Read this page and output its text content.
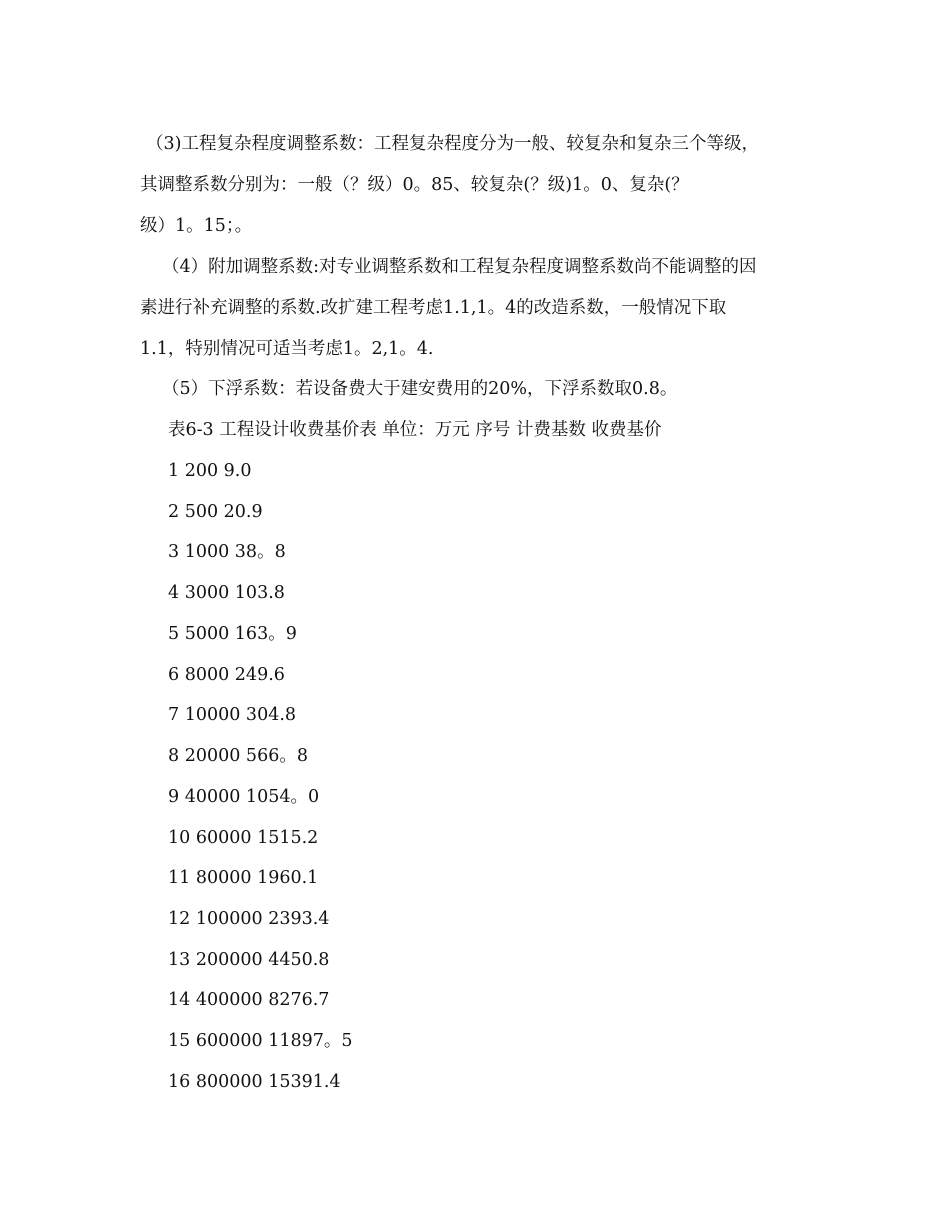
（3)工程复杂程度调整系数：工程复杂程度分为一般、较复杂和复杂三个等级，
其调整系数分别为：一般（？级）0。85、较复杂(？级)1。0、复杂(？
级）1。15；。
（4）附加调整系数:对专业调整系数和工程复杂程度调整系数尚不能调整的因
素进行补充调整的系数.改扩建工程考虑1.1,1。4的改造系数，一般情况下取
1.1，特别情况可适当考虑1。2,1。4.
（5）下浮系数：若设备费大于建安费用的20%，下浮系数取0.8。
表6-3 工程设计收费基价表 单位：万元 序号 计费基数 收费基价
1 200 9.0
2 500 20.9
3 1000 38。8
4 3000 103.8
5 5000 163。9
6 8000 249.6
7 10000 304.8
8 20000 566。8
9 40000 1054。0
10 60000 1515.2
11 80000 1960.1
12 100000 2393.4
13 200000 4450.8
14 400000 8276.7
15 600000 11897。5
16 800000 15391.4
